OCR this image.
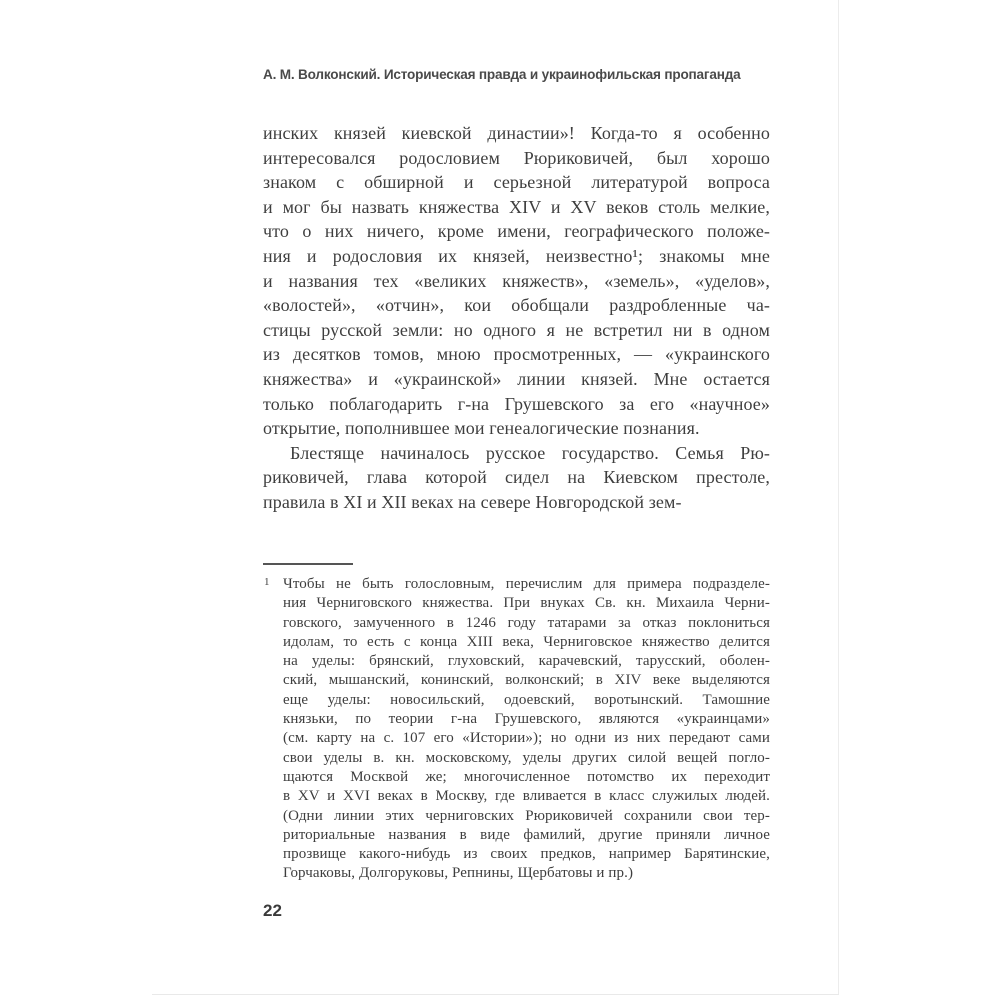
А. М. Волконский. Историческая правда и украинофильская пропаганда
инских князей киевской династии»! Когда-то я особенно
интересовался родословием Рюриковичей, был хорошо
знаком с обширной и серьезной литературой вопроса
и мог бы назвать княжества XIV и XV веков столь мелкие,
что о них ничего, кроме имени, географического положе-
ния и родословия их князей, неизвестно¹; знакомы мне
и названия тех «великих княжеств», «земель», «уделов»,
«волостей», «отчин», кои обобщали раздробленные ча-
стицы русской земли: но одного я не встретил ни в одном
из десятков томов, мною просмотренных, — «украинского
княжества» и «украинской» линии князей. Мне остается
только поблагодарить г-на Грушевского за его «научное»
открытие, пополнившее мои генеалогические познания.
Блестяще начиналось русское государство. Семья Рю-
риковичей, глава которой сидел на Киевском престоле,
правила в XI и XII веках на севере Новгородской зем-
1 Чтобы не быть голословным, перечислим для примера подразделе-
ния Черниговского княжества. При внуках Св. кн. Михаила Черни-
говского, замученного в 1246 году татарами за отказ поклониться
идолам, то есть с конца XIII века, Черниговское княжество делится
на уделы: брянский, глуховский, карачевский, тарусский, оболен-
ский, мышанский, конинский, волконский; в XIV веке выделяются
еще уделы: новосильский, одоевский, воротынский. Тамошние
князьки, по теории г-на Грушевского, являются «украинцами»
(см. карту на с. 107 его «Истории»); но одни из них передают сами
свои уделы в. кн. московскому, уделы других силой вещей погло-
щаются Москвой же; многочисленное потомство их переходит
в XV и XVI веках в Москву, где вливается в класс служилых людей.
(Одни линии этих черниговских Рюриковичей сохранили свои тер-
риториальные названия в виде фамилий, другие приняли личное
прозвище какого-нибудь из своих предков, например Барятинские,
Горчаковы, Долгоруковы, Репнины, Щербатовы и пр.)
22
